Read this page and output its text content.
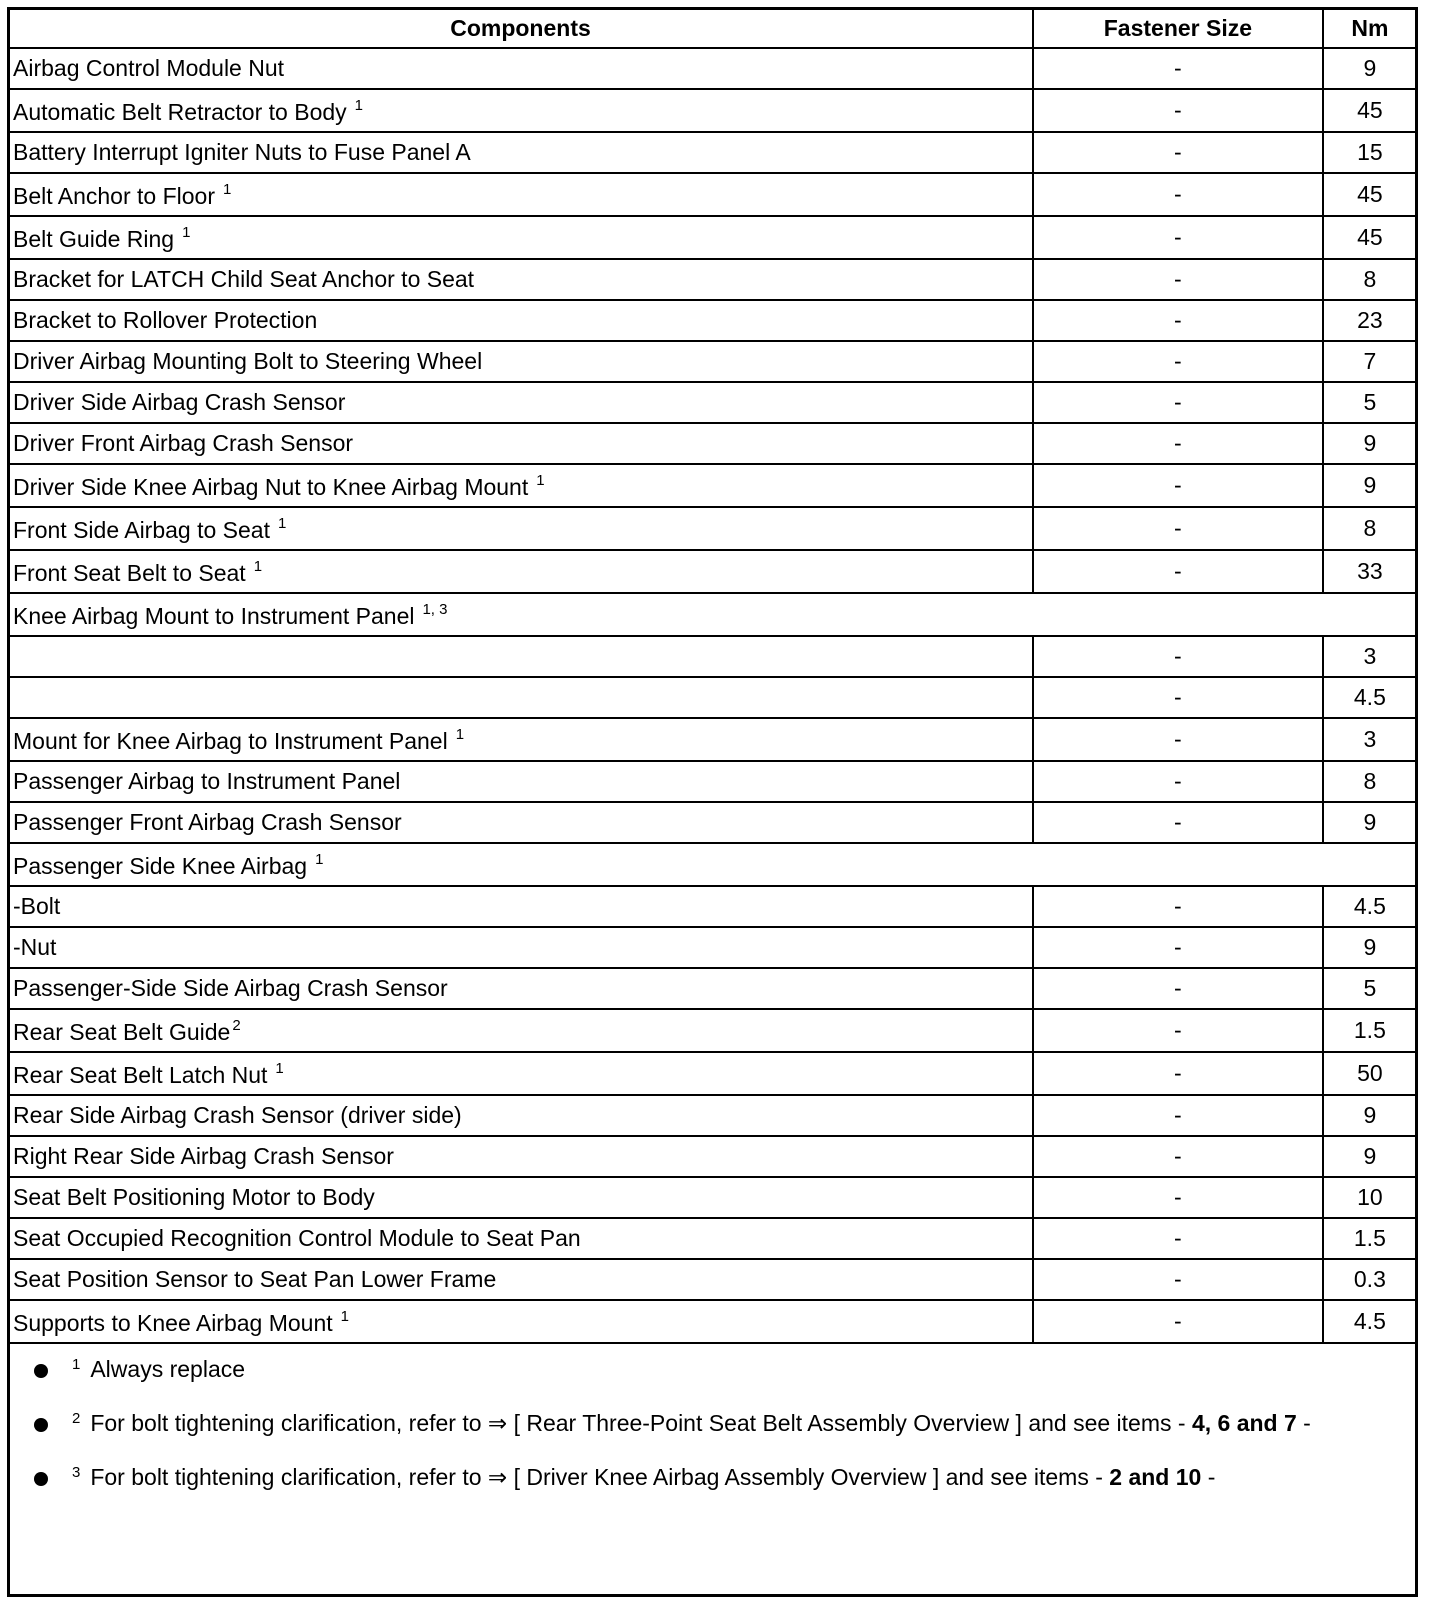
Components	Fastener Size	Nm
Airbag Control Module Nut	-	9
Automatic Belt Retractor to Body $^1$	-	45
Battery Interrupt Igniter Nuts to Fuse Panel A	-	15
Belt Anchor to Floor $^1$	-	45
Belt Guide Ring $^1$	-	45
Bracket for LATCH Child Seat Anchor to Seat	-	8
Bracket to Rollover Protection	-	23
Driver Airbag Mounting Bolt to Steering Wheel	-	7
Driver Side Airbag Crash Sensor	-	5
Driver Front Airbag Crash Sensor	-	9
Driver Side Knee Airbag Nut to Knee Airbag Mount $^1$	-	9
Front Side Airbag to Seat $^1$	-	8
Front Seat Belt to Seat $^1$	-	33
Knee Airbag Mount to Instrument Panel $^{1, 3}$
	-	3
	-	4.5
Mount for Knee Airbag to Instrument Panel $^1$	-	3
Passenger Airbag to Instrument Panel	-	8
Passenger Front Airbag Crash Sensor	-	9
Passenger Side Knee Airbag $^1$
-Bolt	-	4.5
-Nut	-	9
Passenger-Side Side Airbag Crash Sensor	-	5
Rear Seat Belt Guide $^2$	-	1.5
Rear Seat Belt Latch Nut $^1$	-	50
Rear Side Airbag Crash Sensor (driver side)	-	9
Right Rear Side Airbag Crash Sensor	-	9
Seat Belt Positioning Motor to Body	-	10
Seat Occupied Recognition Control Module to Seat Pan	-	1.5
Seat Position Sensor to Seat Pan Lower Frame	-	0.3
Supports to Knee Airbag Mount $^1$	-	4.5
$^1$ Always replace
$^2$ For bolt tightening clarification, refer to ⇒ [ Rear Three-Point Seat Belt Assembly Overview ] and see items - 4, 6 and 7 -
$^3$ For bolt tightening clarification, refer to ⇒ [ Driver Knee Airbag Assembly Overview ] and see items - 2 and 10 -
